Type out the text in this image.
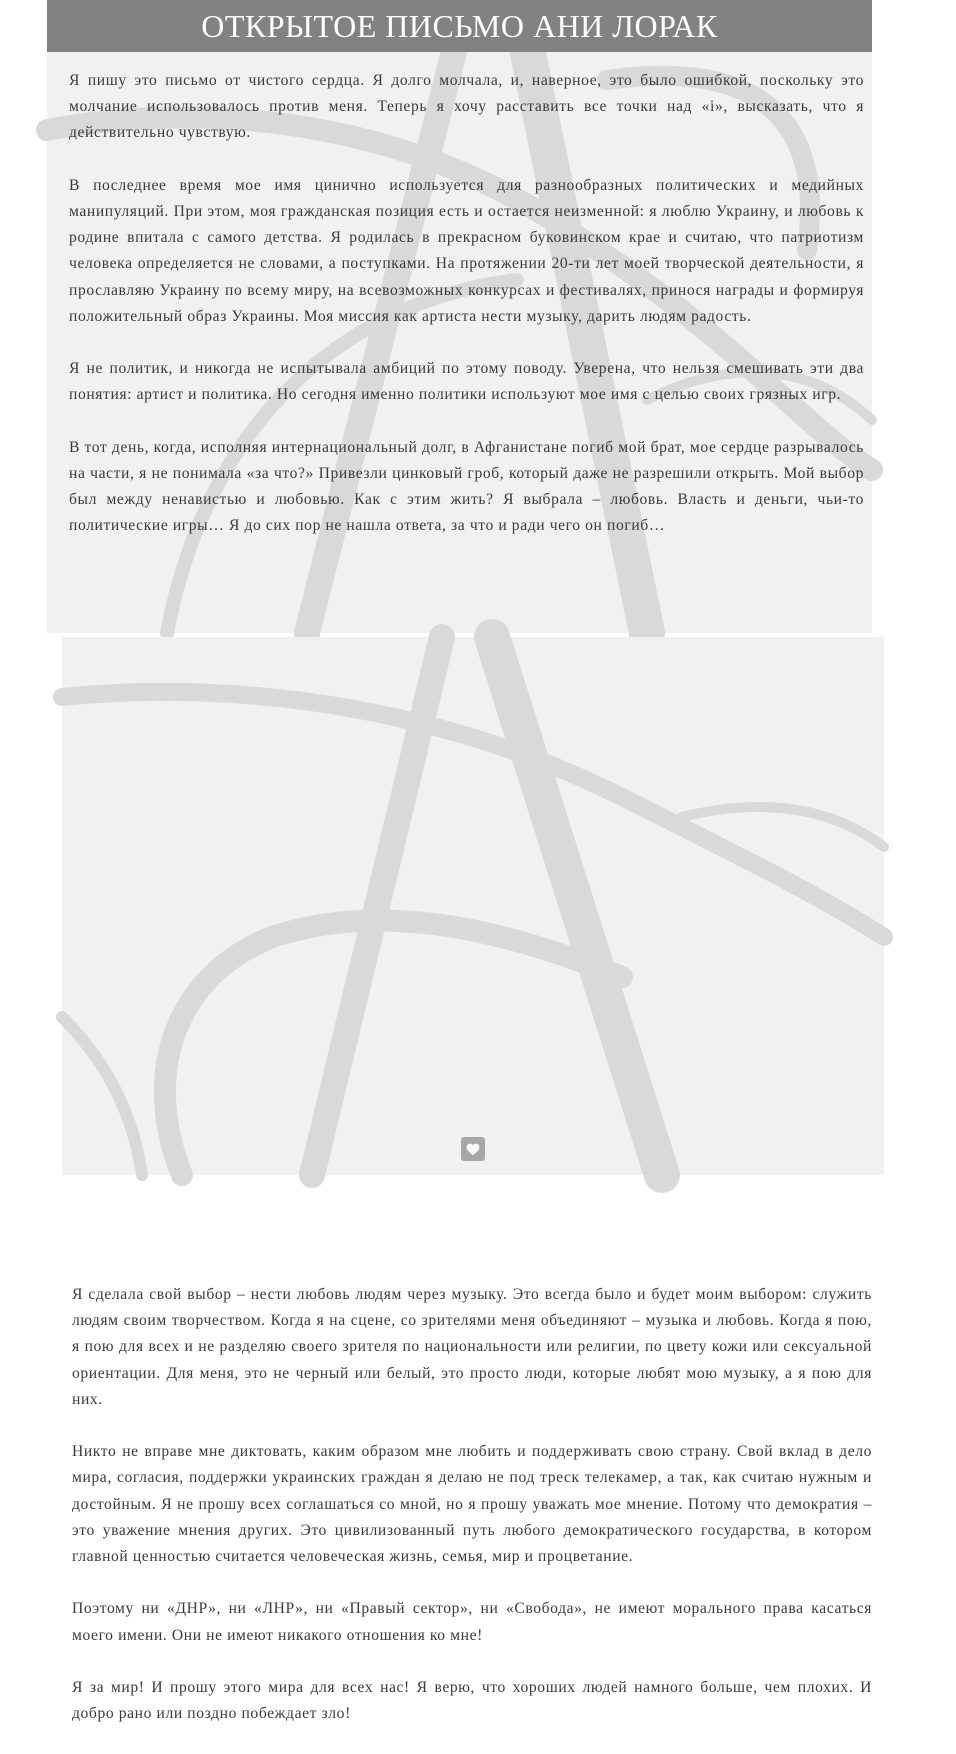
ОТКРЫТОЕ ПИСЬМО АНИ ЛОРАК

Я пишу это письмо от чистого сердца. Я долго молчала, и, наверное, это было ошибкой, поскольку это молчание использовалось против меня. Теперь я хочу расставить все точки над «i», высказать, что я действительно чувствую.

В последнее время мое имя цинично используется для разнообразных политических и медийных манипуляций. При этом, моя гражданская позиция есть и остается неизменной: я люблю Украину, и любовь к родине впитала с самого детства. Я родилась в прекрасном буковинском крае и считаю, что патриотизм человека определяется не словами, а поступками. На протяжении 20-ти лет моей творческой деятельности, я прославляю Украину по всему миру, на всевозможных конкурсах и фестивалях, принося награды и формируя положительный образ Украины. Моя миссия как артиста нести музыку, дарить людям радость.

Я не политик, и никогда не испытывала амбиций по этому поводу. Уверена, что нельзя смешивать эти два понятия: артист и политика. Но сегодня именно политики используют мое имя с целью своих грязных игр.

В тот день, когда, исполняя интернациональный долг, в Афганистане погиб мой брат, мое сердце разрывалось на части, я не понимала «за что?» Привезли цинковый гроб, который даже не разрешили открыть. Мой выбор был между ненавистью и любовью. Как с этим жить? Я выбрала – любовь. Власть и деньги, чьи-то политические игры… Я до сих пор не нашла ответа, за что и ради чего он погиб…

Я сделала свой выбор – нести любовь людям через музыку. Это всегда было и будет моим выбором: служить людям своим творчеством. Когда я на сцене, со зрителями меня объединяют – музыка и любовь. Когда я пою, я пою для всех и не разделяю своего зрителя по национальности или религии, по цвету кожи или сексуальной ориентации. Для меня, это не черный или белый, это просто люди, которые любят мою музыку, а я пою для них.

Никто не вправе мне диктовать, каким образом мне любить и поддерживать свою страну. Свой вклад в дело мира, согласия, поддержки украинских граждан я делаю не под треск телекамер, а так, как считаю нужным и достойным. Я не прошу всех соглашаться со мной, но я прошу уважать мое мнение. Потому что демократия – это уважение мнения других. Это цивилизованный путь любого демократического государства, в котором главной ценностью считается человеческая жизнь, семья, мир и процветание.

Поэтому ни «ДНР», ни «ЛНР», ни «Правый сектор», ни «Свобода», не имеют морального права касаться моего имени. Они не имеют никакого отношения ко мне!

Я за мир! И прошу этого мира для всех нас! Я верю, что хороших людей намного больше, чем плохих. И добро рано или поздно побеждает зло!
